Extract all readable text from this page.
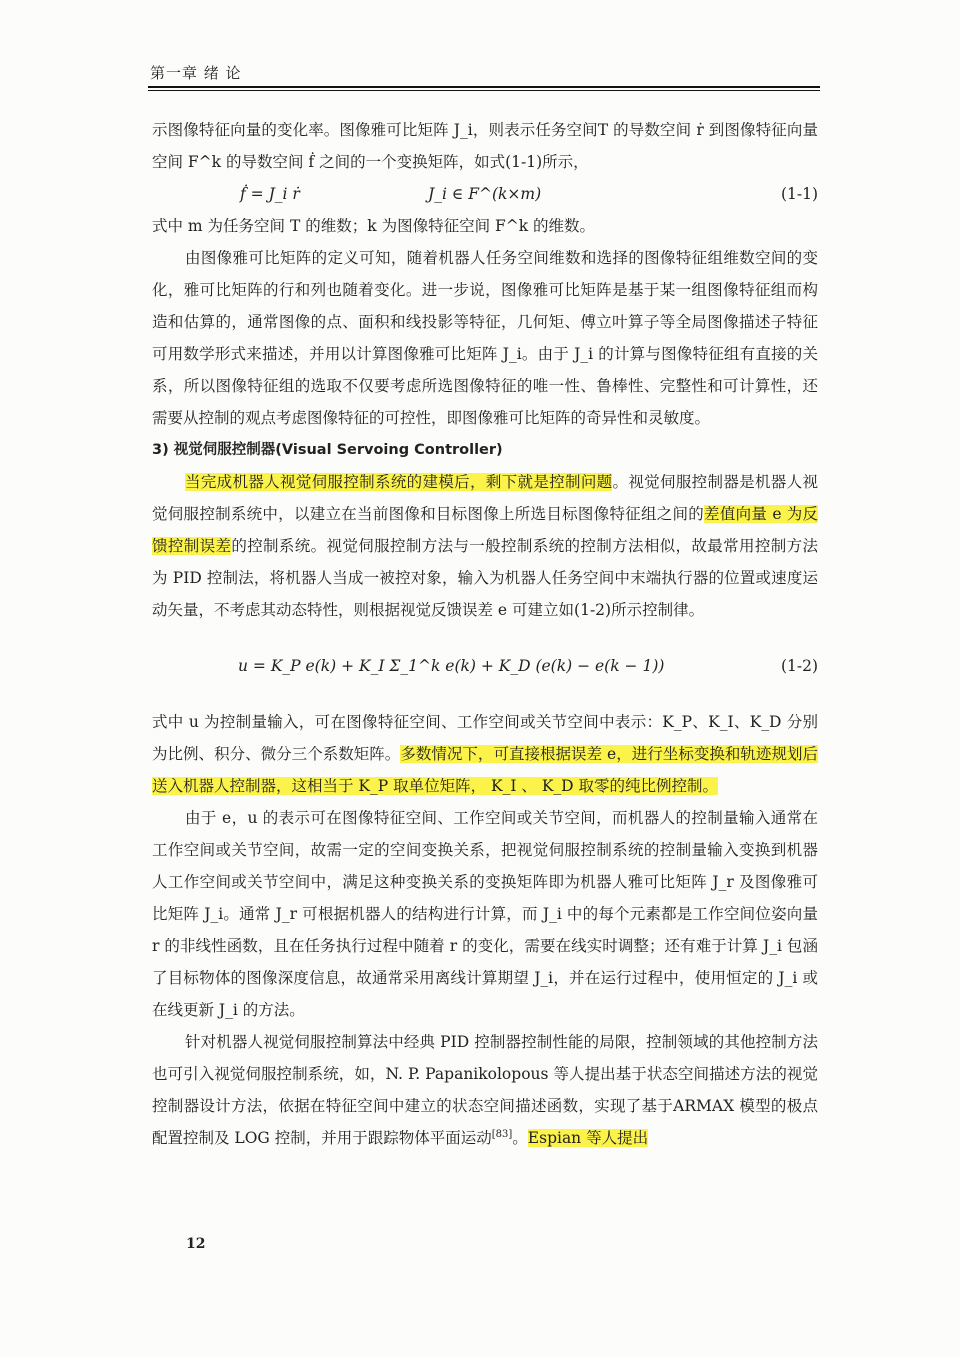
第一章 绪 论

示图像特征向量的变化率。图像雅可比矩阵 J_i，则表示任务空间T 的导数空间 ṙ 到图像特征向量空间 F^k 的导数空间 ḟ 之间的一个变换矩阵，如式(1-1)所示，

ḟ = J_i ṙ	J_i ∈ F^(k×m)	(1-1)

式中 m 为任务空间 T 的维数；k 为图像特征空间 F^k 的维数。

由图像雅可比矩阵的定义可知，随着机器人任务空间维数和选择的图像特征组维数空间的变化，雅可比矩阵的行和列也随着变化。进一步说，图像雅可比矩阵是基于某一组图像特征组而构造和估算的，通常图像的点、面积和线投影等特征，几何矩、傅立叶算子等全局图像描述子特征可用数学形式来描述，并用以计算图像雅可比矩阵 J_i。由于 J_i 的计算与图像特征组有直接的关系，所以图像特征组的选取不仅要考虑所选图像特征的唯一性、鲁棒性、完整性和可计算性，还需要从控制的观点考虑图像特征的可控性，即图像雅可比矩阵的奇异性和灵敏度。

3) 视觉伺服控制器(Visual Servoing Controller)

当完成机器人视觉伺服控制系统的建模后，剩下就是控制问题。视觉伺服控制器是机器人视觉伺服控制系统中，以建立在当前图像和目标图像上所选目标图像特征组之间的差值向量 e 为反馈控制误差的控制系统。视觉伺服控制方法与一般控制系统的控制方法相似，故最常用控制方法为 PID 控制法，将机器人当成一被控对象，输入为机器人任务空间中末端执行器的位置或速度运动矢量，不考虑其动态特性，则根据视觉反馈误差 e 可建立如(1-2)所示控制律。

u = K_P e(k) + K_I Σ_1^k e(k) + K_D (e(k) − e(k − 1))	(1-2)

式中 u 为控制量输入，可在图像特征空间、工作空间或关节空间中表示：K_P、K_I、K_D 分别为比例、积分、微分三个系数矩阵。多数情况下，可直接根据误差 e，进行坐标变换和轨迹规划后送入机器人控制器，这相当于 K_P 取单位矩阵， K_I 、 K_D 取零的纯比例控制。

由于 e，u 的表示可在图像特征空间、工作空间或关节空间，而机器人的控制量输入通常在工作空间或关节空间，故需一定的空间变换关系，把视觉伺服控制系统的控制量输入变换到机器人工作空间或关节空间中，满足这种变换关系的变换矩阵即为机器人雅可比矩阵 J_r 及图像雅可比矩阵 J_i。通常 J_r 可根据机器人的结构进行计算，而 J_i 中的每个元素都是工作空间位姿向量 r 的非线性函数，且在任务执行过程中随着 r 的变化，需要在线实时调整；还有难于计算 J_i 包涵了目标物体的图像深度信息，故通常采用离线计算期望 J_i，并在运行过程中，使用恒定的 J_i 或在线更新 J_i 的方法。

针对机器人视觉伺服控制算法中经典 PID 控制器控制性能的局限，控制领域的其他控制方法也可引入视觉伺服控制系统，如，N. P. Papanikolopous 等人提出基于状态空间描述方法的视觉控制器设计方法，依据在特征空间中建立的状态空间描述函数，实现了基于ARMAX 模型的极点配置控制及 LOG 控制，并用于跟踪物体平面运动[83]。Espian 等人提出

12
